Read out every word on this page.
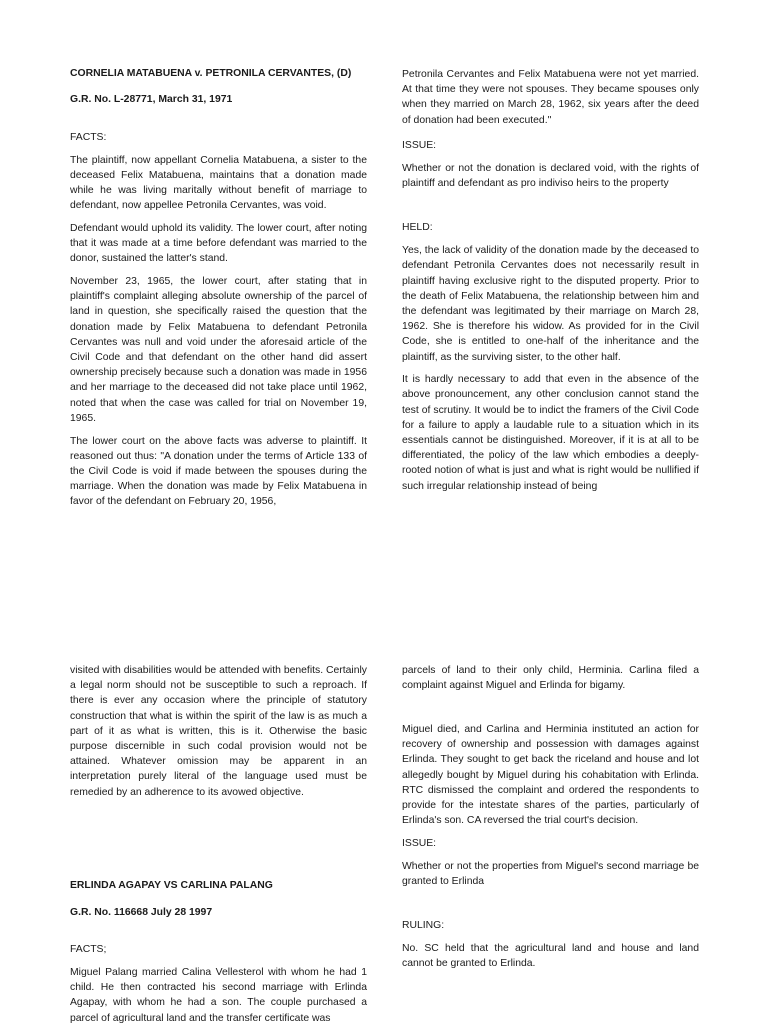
CORNELIA MATABUENA v. PETRONILA CERVANTES, (D)

G.R. No. L-28771, March 31, 1971

FACTS:

The plaintiff, now appellant Cornelia Matabuena, a sister to the deceased Felix Matabuena, maintains that a donation made while he was living maritally without benefit of marriage to defendant, now appellee Petronila Cervantes, was void.

Defendant would uphold its validity. The lower court, after noting that it was made at a time before defendant was married to the donor, sustained the latter's stand.

November 23, 1965, the lower court, after stating that in plaintiff's complaint alleging absolute ownership of the parcel of land in question, she specifically raised the question that the donation made by Felix Matabuena to defendant Petronila Cervantes was null and void under the aforesaid article of the Civil Code and that defendant on the other hand did assert ownership precisely because such a donation was made in 1956 and her marriage to the deceased did not take place until 1962, noted that when the case was called for trial on November 19, 1965.

The lower court on the above facts was adverse to plaintiff. It reasoned out thus: "A donation under the terms of Article 133 of the Civil Code is void if made between the spouses during the marriage. When the donation was made by Felix Matabuena in favor of the defendant on February 20, 1956,

Petronila Cervantes and Felix Matabuena were not yet married. At that time they were not spouses. They became spouses only when they married on March 28, 1962, six years after the deed of donation had been executed."

ISSUE:

Whether or not the donation is declared void, with the rights of plaintiff and defendant as pro indiviso heirs to the property

HELD:

Yes, the lack of validity of the donation made by the deceased to defendant Petronila Cervantes does not necessarily result in plaintiff having exclusive right to the disputed property. Prior to the death of Felix Matabuena, the relationship between him and the defendant was legitimated by their marriage on March 28, 1962. She is therefore his widow. As provided for in the Civil Code, she is entitled to one-half of the inheritance and the plaintiff, as the surviving sister, to the other half.

It is hardly necessary to add that even in the absence of the above pronouncement, any other conclusion cannot stand the test of scrutiny. It would be to indict the framers of the Civil Code for a failure to apply a laudable rule to a situation which in its essentials cannot be distinguished. Moreover, if it is at all to be differentiated, the policy of the law which embodies a deeply-rooted notion of what is just and what is right would be nullified if such irregular relationship instead of being

visited with disabilities would be attended with benefits. Certainly a legal norm should not be susceptible to such a reproach. If there is ever any occasion where the principle of statutory construction that what is within the spirit of the law is as much a part of it as what is written, this is it. Otherwise the basic purpose discernible in such codal provision would not be attained. Whatever omission may be apparent in an interpretation purely literal of the language used must be remedied by an adherence to its avowed objective.

ERLINDA AGAPAY VS CARLINA PALANG

G.R. No. 116668 July 28 1997

FACTS;

Miguel Palang married Calina Vellesterol with whom he had 1 child. He then contracted his second marriage with Erlinda Agapay, with whom he had a son. The couple purchased a parcel of agricultural land and the transfer certificate was

parcels of land to their only child, Herminia. Carlina filed a complaint against Miguel and Erlinda for bigamy.

Miguel died, and Carlina and Herminia instituted an action for recovery of ownership and possession with damages against Erlinda. They sought to get back the riceland and house and lot allegedly bought by Miguel during his cohabitation with Erlinda. RTC dismissed the complaint and ordered the respondents to provide for the intestate shares of the parties, particularly of Erlinda's son. CA reversed the trial court's decision.

ISSUE:

Whether or not the properties from Miguel's second marriage be granted to Erlinda

RULING:

No. SC held that the agricultural land and house and land cannot be granted to Erlinda.
